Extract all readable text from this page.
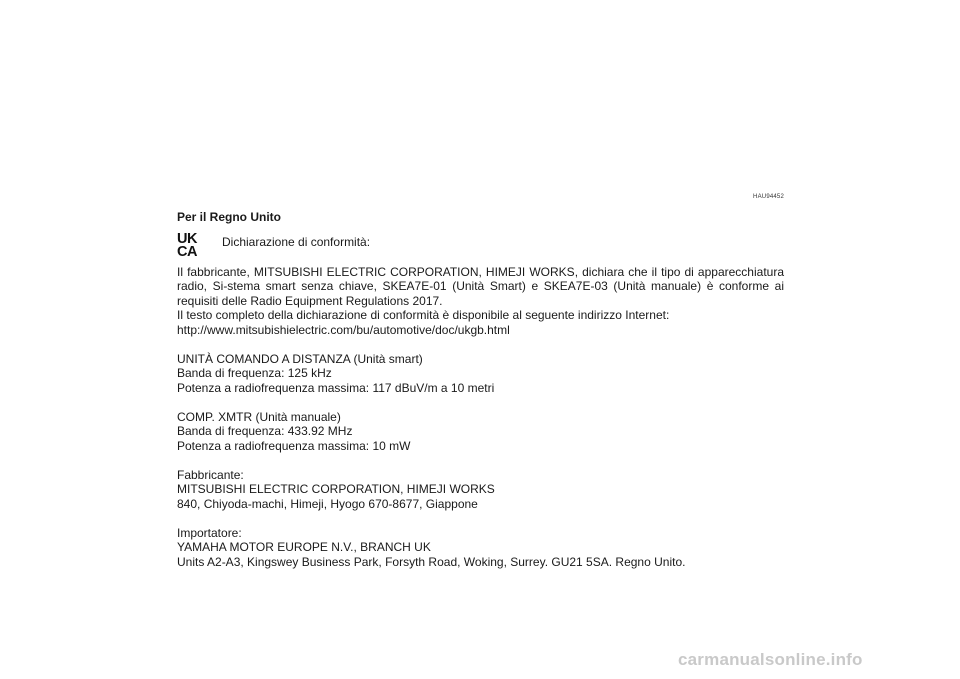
HAU94452
Per il Regno Unito
UK
CA
Dichiarazione di conformità:

Il fabbricante, MITSUBISHI ELECTRIC CORPORATION, HIMEJI WORKS, dichiara che il tipo di apparecchiatura radio, Si-stema smart senza chiave, SKEA7E-01 (Unità Smart) e SKEA7E-03 (Unità manuale) è conforme ai requisiti delle Radio Equipment Regulations 2017.

Il testo completo della dichiarazione di conformità è disponibile al seguente indirizzo Internet:

http://www.mitsubishielectric.com/bu/automotive/doc/ukgb.html

UNITÀ COMANDO A DISTANZA (Unità smart)

Banda di frequenza: 125 kHz

Potenza a radiofrequenza massima: 117 dBuV/m a 10 metri

COMP. XMTR (Unità manuale)

Banda di frequenza: 433.92 MHz

Potenza a radiofrequenza massima: 10 mW

Fabbricante:

MITSUBISHI ELECTRIC CORPORATION, HIMEJI WORKS

840, Chiyoda-machi, Himeji, Hyogo 670-8677, Giappone

Importatore:

YAMAHA MOTOR EUROPE N.V., BRANCH UK

Units A2-A3, Kingswey Business Park, Forsyth Road, Woking, Surrey. GU21 5SA. Regno Unito.

carmanualsonline.info
